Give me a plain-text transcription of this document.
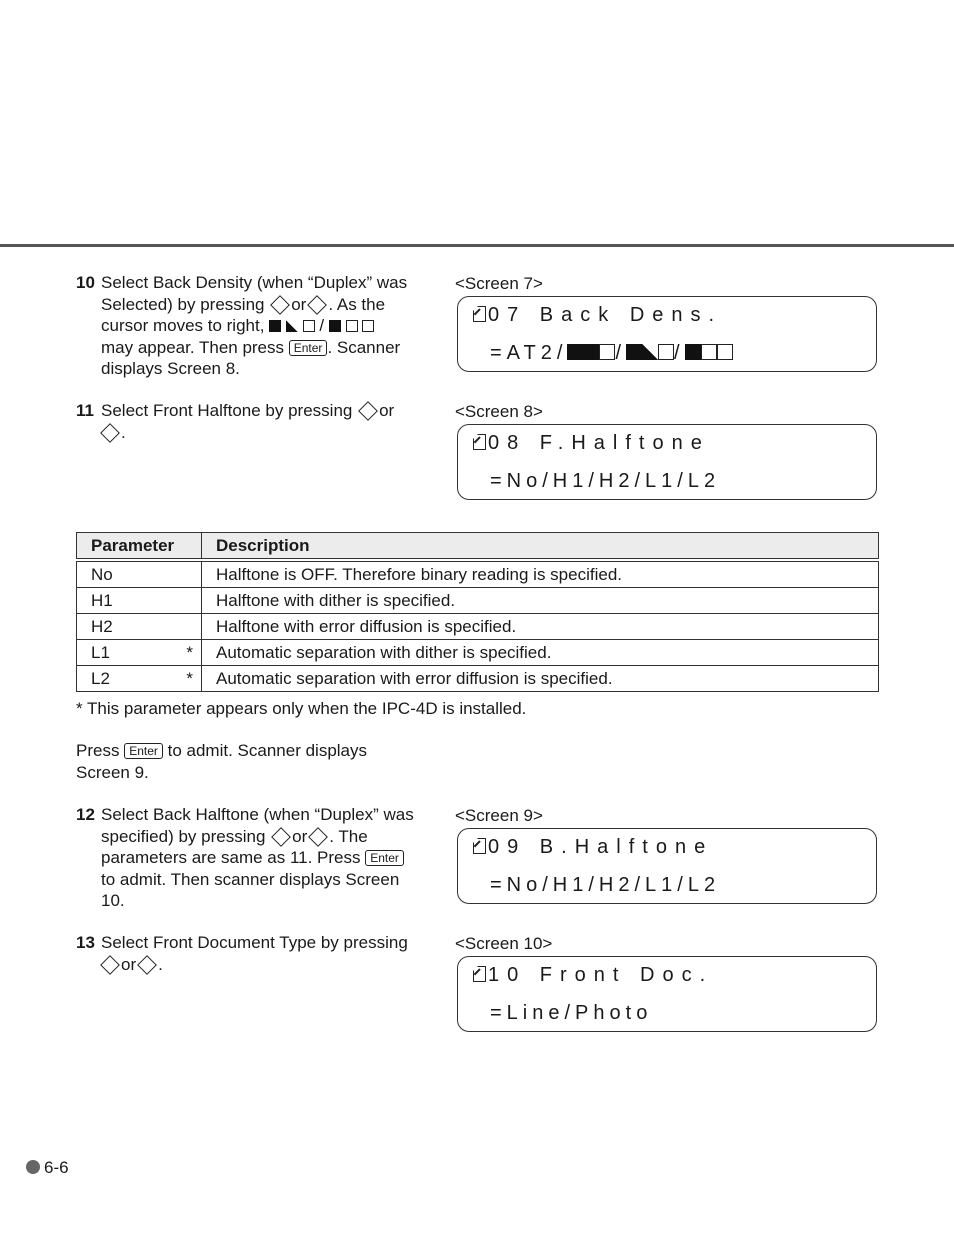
10 Select Back Density (when “Duplex” was
Selected) by pressing or . As the
cursor moves to right,	/
may appear. Then press Enter . Scanner
displays Screen 8.
<Screen 7>
07 Back Dens.
=AT2/ / /
11 Select Front Halftone by pressing or
.
<Screen 8>
08 F.Halftone
=No/H1/H2/L1/L2
Parameter	Description

No	Halftone is OFF. Therefore binary reading is specified.
H1	Halftone with dither is specified.
H2	Halftone with error diffusion is specified.
L1 *	Automatic separation with dither is specified.
L2 *	Automatic separation with error diffusion is specified.
* This parameter appears only when the IPC-4D is installed.
Press Enter to admit. Scanner displays
Screen 9.
12 Select Back Halftone (when “Duplex” was
specified) by pressing or . The
parameters are same as 11. Press Enter
to admit. Then scanner displays Screen
10.
<Screen 9>
09 B.Halftone
=No/H1/H2/L1/L2
13 Select Front Document Type by pressing
or .
<Screen 10>
10 Front Doc.
=Line/Photo
6-6
